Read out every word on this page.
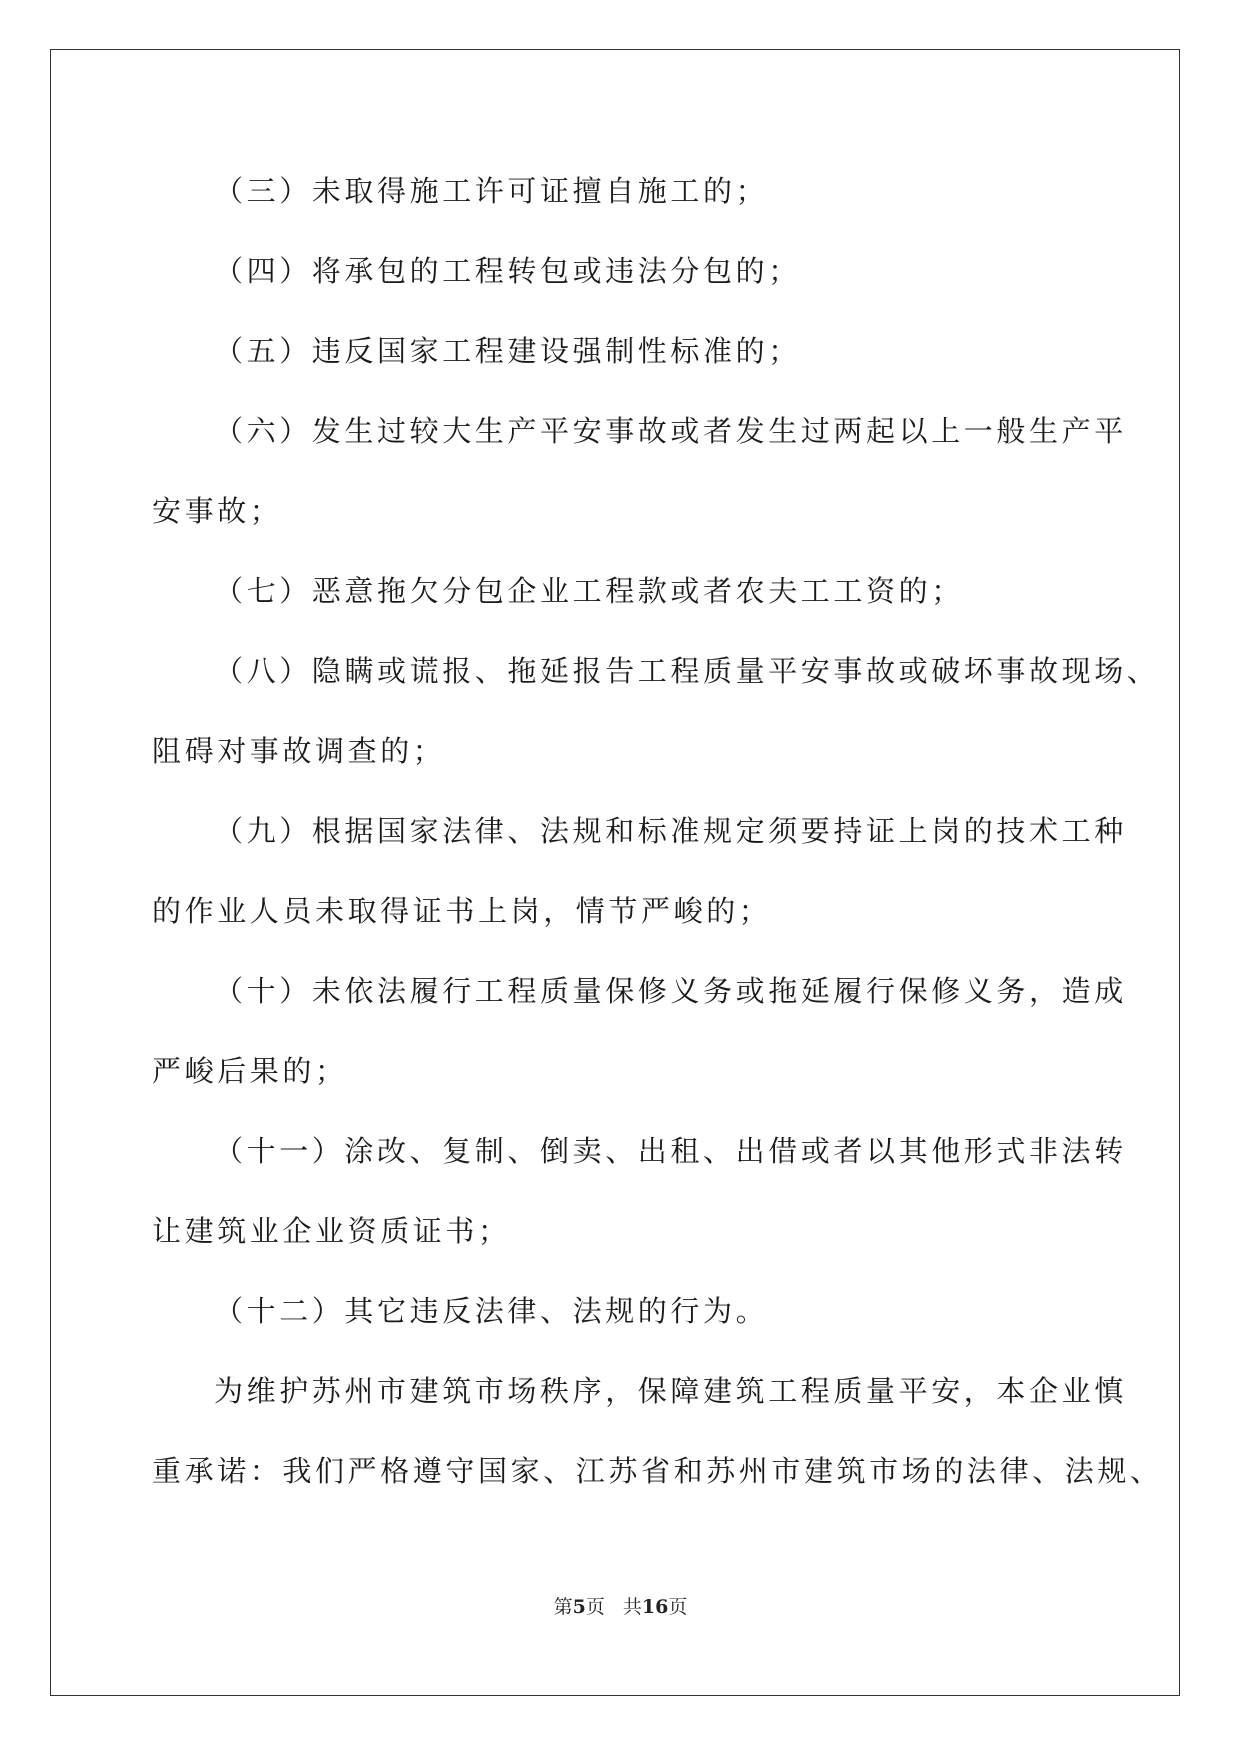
（三）未取得施工许可证擅自施工的；
（四）将承包的工程转包或违法分包的；
（五）违反国家工程建设强制性标准的；
（六）发生过较大生产平安事故或者发生过两起以上一般生产平
安事故；
（七）恶意拖欠分包企业工程款或者农夫工工资的；
（八）隐瞒或谎报、拖延报告工程质量平安事故或破坏事故现场、
阻碍对事故调查的；
（九）根据国家法律、法规和标准规定须要持证上岗的技术工种
的作业人员未取得证书上岗，情节严峻的；
（十）未依法履行工程质量保修义务或拖延履行保修义务，造成
严峻后果的；
（十一）涂改、复制、倒卖、出租、出借或者以其他形式非法转
让建筑业企业资质证书；
（十二）其它违反法律、法规的行为。
为维护苏州市建筑市场秩序，保障建筑工程质量平安，本企业慎
重承诺：我们严格遵守国家、江苏省和苏州市建筑市场的法律、法规、
第5页 共16页
